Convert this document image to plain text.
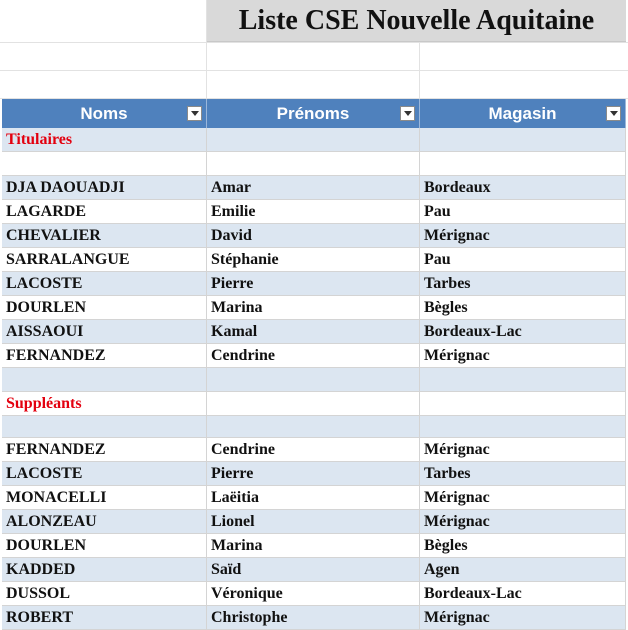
Liste CSE Nouvelle Aquitaine
Noms	Prénoms	Magasin
Titulaires
DJA DAOUADJI	Amar	Bordeaux
LAGARDE	Emilie	Pau
CHEVALIER	David	Mérignac
SARRALANGUE	Stéphanie	Pau
LACOSTE	Pierre	Tarbes
DOURLEN	Marina	Bègles
AISSAOUI	Kamal	Bordeaux-Lac
FERNANDEZ	Cendrine	Mérignac
Suppléants
FERNANDEZ	Cendrine	Mérignac
LACOSTE	Pierre	Tarbes
MONACELLI	Laëitia	Mérignac
ALONZEAU	Lionel	Mérignac
DOURLEN	Marina	Bègles
KADDED	Saïd	Agen
DUSSOL	Véronique	Bordeaux-Lac
ROBERT	Christophe	Mérignac
